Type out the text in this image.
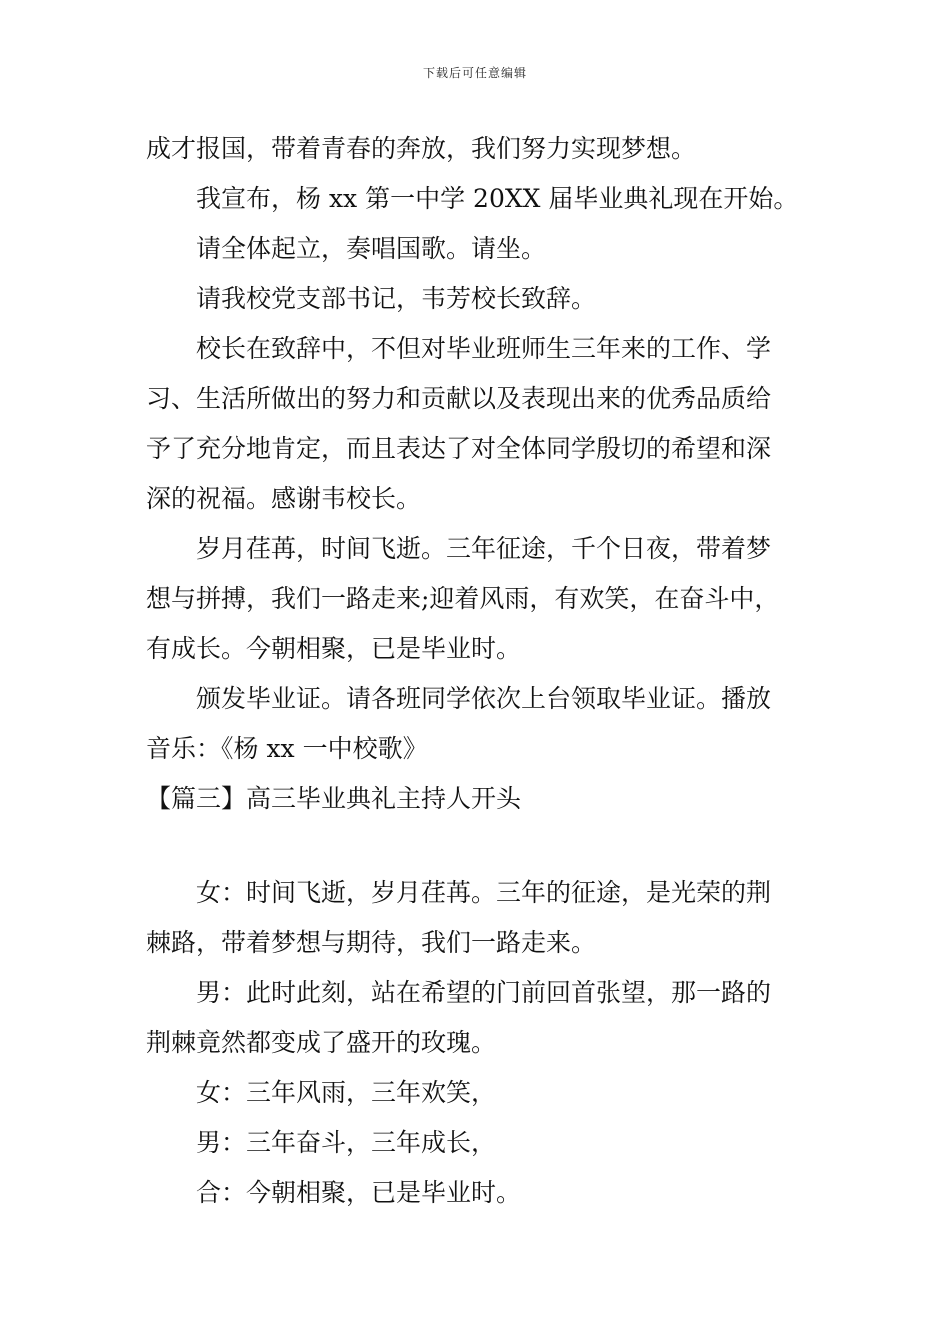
下载后可任意编辑

成才报国，带着青春的奔放，我们努力实现梦想。

我宣布，杨 xx 第一中学 20XX 届毕业典礼现在开始。

请全体起立，奏唱国歌。请坐。

请我校党支部书记，韦芳校长致辞。

校长在致辞中，不但对毕业班师生三年来的工作、学

习、生活所做出的努力和贡献以及表现出来的优秀品质给

予了充分地肯定，而且表达了对全体同学殷切的希望和深

深的祝福。感谢韦校长。

岁月荏苒，时间飞逝。三年征途，千个日夜，带着梦

想与拼搏，我们一路走来;迎着风雨，有欢笑，在奋斗中，

有成长。今朝相聚，已是毕业时。

颁发毕业证。请各班同学依次上台领取毕业证。播放

音乐：《杨 xx 一中校歌》

【篇三】高三毕业典礼主持人开头

女：时间飞逝，岁月荏苒。三年的征途，是光荣的荆

棘路，带着梦想与期待，我们一路走来。

男：此时此刻，站在希望的门前回首张望，那一路的

荆棘竟然都变成了盛开的玫瑰。

女：三年风雨，三年欢笑，

男：三年奋斗，三年成长，

合：今朝相聚，已是毕业时。
